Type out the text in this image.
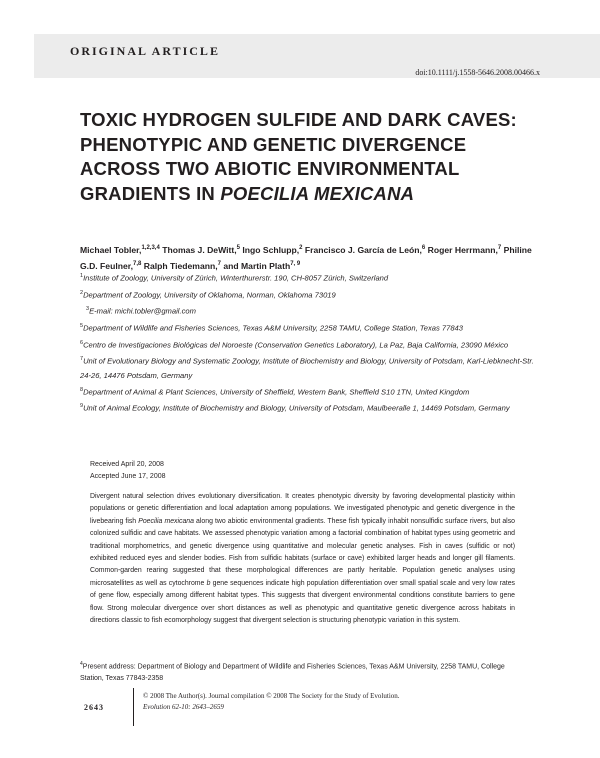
ORIGINAL ARTICLE
doi:10.1111/j.1558-5646.2008.00466.x
TOXIC HYDROGEN SULFIDE AND DARK CAVES: PHENOTYPIC AND GENETIC DIVERGENCE ACROSS TWO ABIOTIC ENVIRONMENTAL GRADIENTS IN POECILIA MEXICANA
Michael Tobler,$^{1,2,3,4}$ Thomas J. DeWitt,$^5$ Ingo Schlupp,$^2$ Francisco J. García de León,$^6$ Roger Herrmann,$^7$ Philine G.D. Feulner,$^{7,8}$ Ralph Tiedemann,$^7$ and Martin Plath$^{7, 9}$

$^1$Institute of Zoology, University of Zürich, Winterthurerstr. 190, CH-8057 Zürich, Switzerland

$^2$Department of Zoology, University of Oklahoma, Norman, Oklahoma 73019

$^3$E-mail: michi.tobler@gmail.com

$^5$Department of Wildlife and Fisheries Sciences, Texas A&M University, 2258 TAMU, College Station, Texas 77843

$^6$Centro de Investigaciones Biológicas del Noroeste (Conservation Genetics Laboratory), La Paz, Baja California, 23090 México

$^7$Unit of Evolutionary Biology and Systematic Zoology, Institute of Biochemistry and Biology, University of Potsdam, Karl-Liebknecht-Str. 24-26, 14476 Potsdam, Germany

$^8$Department of Animal & Plant Sciences, University of Sheffield, Western Bank, Sheffield S10 1TN, United Kingdom

$^9$Unit of Animal Ecology, Institute of Biochemistry and Biology, University of Potsdam, Maulbeeralle 1, 14469 Potsdam, Germany

Received April 20, 2008
Accepted June 17, 2008
Divergent natural selection drives evolutionary diversification. It creates phenotypic diversity by favoring developmental plasticity within populations or genetic differentiation and local adaptation among populations. We investigated phenotypic and genetic divergence in the livebearing fish Poecilia mexicana along two abiotic environmental gradients. These fish typically inhabit nonsulfidic surface rivers, but also colonized sulfidic and cave habitats. We assessed phenotypic variation among a factorial combination of habitat types using geometric and traditional morphometrics, and genetic divergence using quantitative and molecular genetic analyses. Fish in caves (sulfidic or not) exhibited reduced eyes and slender bodies. Fish from sulfidic habitats (surface or cave) exhibited larger heads and longer gill filaments. Common-garden rearing suggested that these morphological differences are partly heritable. Population genetic analyses using microsatellites as well as cytochrome b gene sequences indicate high population differentiation over small spatial scale and very low rates of gene flow, especially among different habitat types. This suggests that divergent environmental conditions constitute barriers to gene flow. Strong molecular divergence over short distances as well as phenotypic and quantitative genetic divergence across habitats in directions classic to fish ecomorphology suggest that divergent selection is structuring phenotypic variation in this system.
$^4$Present address: Department of Biology and Department of Wildlife and Fisheries Sciences, Texas A&M University, 2258 TAMU, College Station, Texas 77843-2358
2643
© 2008 The Author(s). Journal compilation © 2008 The Society for the Study of Evolution.
Evolution 62-10: 2643–2659
